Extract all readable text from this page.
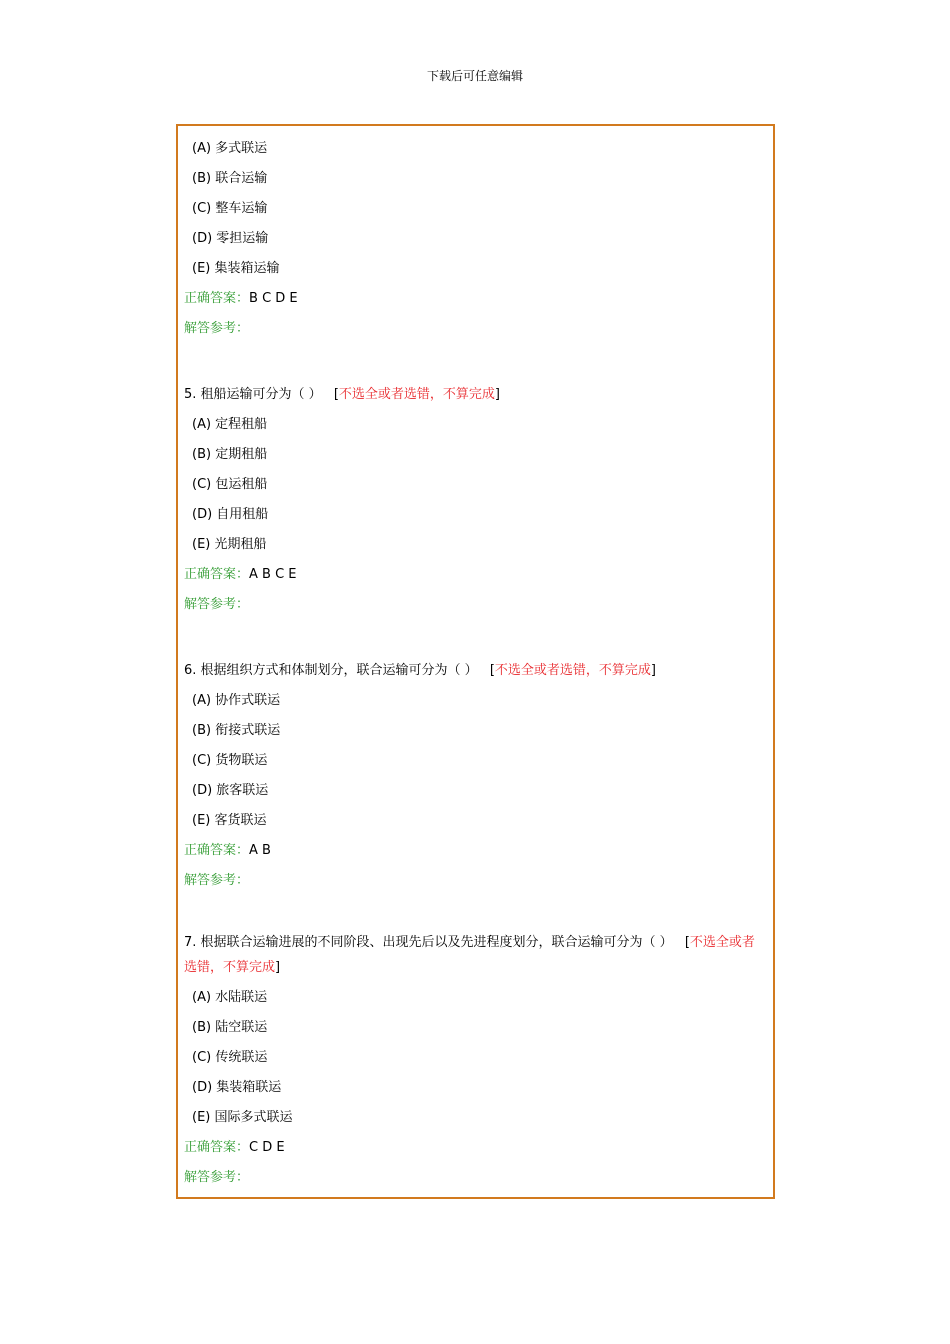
下载后可任意编辑
(A) 多式联运
(B) 联合运输
(C) 整车运输
(D) 零担运输
(E) 集装箱运输
正确答案：B C D E
解答参考：
5. 租船运输可分为（ ） [不选全或者选错，不算完成]
(A) 定程租船
(B) 定期租船
(C) 包运租船
(D) 自用租船
(E) 光期租船
正确答案：A B C E
解答参考：
6. 根据组织方式和体制划分，联合运输可分为（ ） [不选全或者选错，不算完成]
(A) 协作式联运
(B) 衔接式联运
(C) 货物联运
(D) 旅客联运
(E) 客货联运
正确答案：A B
解答参考：
7. 根据联合运输进展的不同阶段、出现先后以及先进程度划分，联合运输可分为（ ） [不选全或者选错，不算完成]
(A) 水陆联运
(B) 陆空联运
(C) 传统联运
(D) 集装箱联运
(E) 国际多式联运
正确答案：C D E
解答参考：
